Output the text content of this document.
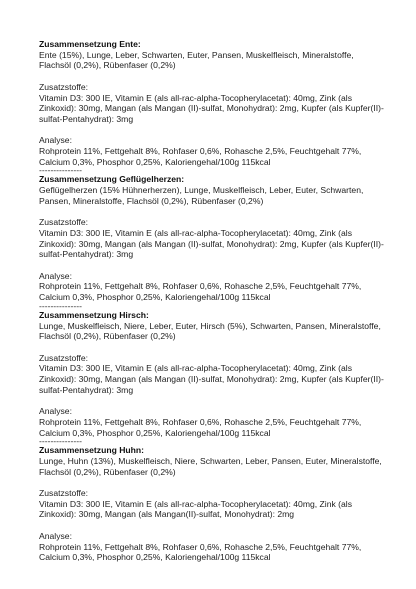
Zusammensetzung Ente:
Ente (15%), Lunge, Leber, Schwarten, Euter, Pansen, Muskelfleisch, Mineralstoffe, Flachsöl (0,2%), Rübenfaser (0,2%)
Zusatzstoffe:
Vitamin D3: 300 IE, Vitamin E (als all-rac-alpha-Tocopherylacetat): 40mg, Zink (als Zinkoxid): 30mg, Mangan (als Mangan (II)-sulfat, Monohydrat): 2mg, Kupfer (als Kupfer(II)-sulfat-Pentahydrat): 3mg
Analyse:
Rohprotein 11%, Fettgehalt 8%, Rohfaser 0,6%, Rohasche 2,5%, Feuchtgehalt 77%, Calcium 0,3%, Phosphor 0,25%, Kaloriengehal/100g 115kcal
---------------
Zusammensetzung Geflügelherzen:
Geflügelherzen (15% Hühnerherzen), Lunge, Muskelfleisch, Leber, Euter, Schwarten, Pansen, Mineralstoffe, Flachsöl (0,2%), Rübenfaser (0,2%)
Zusatzstoffe:
Vitamin D3: 300 IE, Vitamin E (als all-rac-alpha-Tocopherylacetat): 40mg, Zink (als Zinkoxid): 30mg, Mangan (als Mangan (II)-sulfat, Monohydrat): 2mg, Kupfer (als Kupfer(II)-sulfat-Pentahydrat): 3mg
Analyse:
Rohprotein 11%, Fettgehalt 8%, Rohfaser 0,6%, Rohasche 2,5%, Feuchtgehalt 77%, Calcium 0,3%, Phosphor 0,25%, Kaloriengehal/100g 115kcal
---------------
Zusammensetzung Hirsch:
Lunge, Muskelfleisch, Niere, Leber, Euter, Hirsch (5%), Schwarten, Pansen, Mineralstoffe, Flachsöl (0,2%), Rübenfaser (0,2%)
Zusatzstoffe:
Vitamin D3: 300 IE, Vitamin E (als all-rac-alpha-Tocopherylacetat): 40mg, Zink (als Zinkoxid): 30mg, Mangan (als Mangan (II)-sulfat, Monohydrat): 2mg, Kupfer (als Kupfer(II)-sulfat-Pentahydrat): 3mg
Analyse:
Rohprotein 11%, Fettgehalt 8%, Rohfaser 0,6%, Rohasche 2,5%, Feuchtgehalt 77%, Calcium 0,3%, Phosphor 0,25%, Kaloriengehal/100g 115kcal
---------------
Zusammensetzung Huhn:
Lunge, Huhn (13%), Muskelfleisch, Niere, Schwarten, Leber, Pansen, Euter, Mineralstoffe, Flachsöl (0,2%), Rübenfaser (0,2%)
Zusatzstoffe:
Vitamin D3: 300 IE, Vitamin E (als all-rac-alpha-Tocopherylacetat): 40mg, Zink (als Zinkoxid): 30mg, Mangan (als Mangan(II)-sulfat, Monohydrat): 2mg
Analyse:
Rohprotein 11%, Fettgehalt 8%, Rohfaser 0,6%, Rohasche 2,5%, Feuchtgehalt 77%, Calcium 0,3%, Phosphor 0,25%, Kaloriengehal/100g 115kcal
